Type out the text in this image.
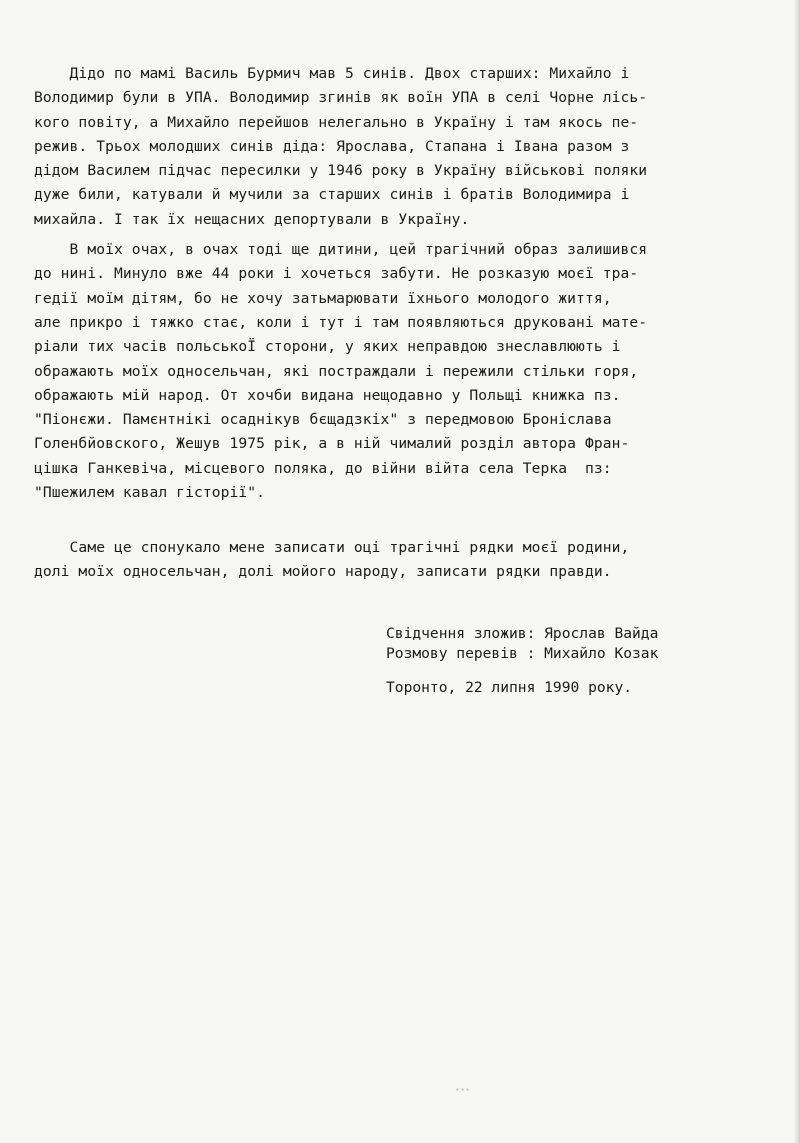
Дідо по мамі Василь Бурмич мав 5 синів. Двох старших: Михайло і
Володимир були в УПА. Володимир згинів як воїн УПА в селі Чорне лісь-
кого повіту, а Михайло перейшов нелегально в Україну і там якось пе-
режив. Трьох молодших синів діда: Ярослава, Стапана і Івана разом з
дідом Василем підчас пересилки у 1946 року в Україну військові поляки
дуже били, катували й мучили за старших синів і братів Володимира і
михайла. І так їх нещасних депортували в Україну.
В моїх очах, в очах тоді ще дитини, цей трагічний образ залишився
до нині. Минуло вже 44 роки і хочеться забути. Не розказую моєї тра-
гедії моїм дітям, бо не хочу затьмарювати їхнього молодого життя,
але прикро і тяжко стає, коли і тут і там появляються друковані мате-
ріали тих часів польськоЇ сторони, у яких неправдою знеславлюють і
ображають моїх односельчан, які постраждали і пережили стільки горя,
ображають мій народ. От хочби видана нещодавно у Польщі книжка пз.
"Піонєжи. Памєнтнікі осаднікув бєщадзкіх" з передмовою Броніслава
Голенбйовского, Жешув 1975 рік, а в ній чималий розділ автора Фран-
цішка Ганкевіча, місцевого поляка, до війни війта села Терка  пз:
"Пшежилем кавал гісторії".
Саме це спонукало мене записати оці трагічні рядки моєї родини,
долі моїх односельчан, долі мойого народу, записати рядки правди.
Свідчення зложив: Ярослав Вайда
Розмову перевів : Михайло Козак
Торонто, 22 липня 1990 року.
